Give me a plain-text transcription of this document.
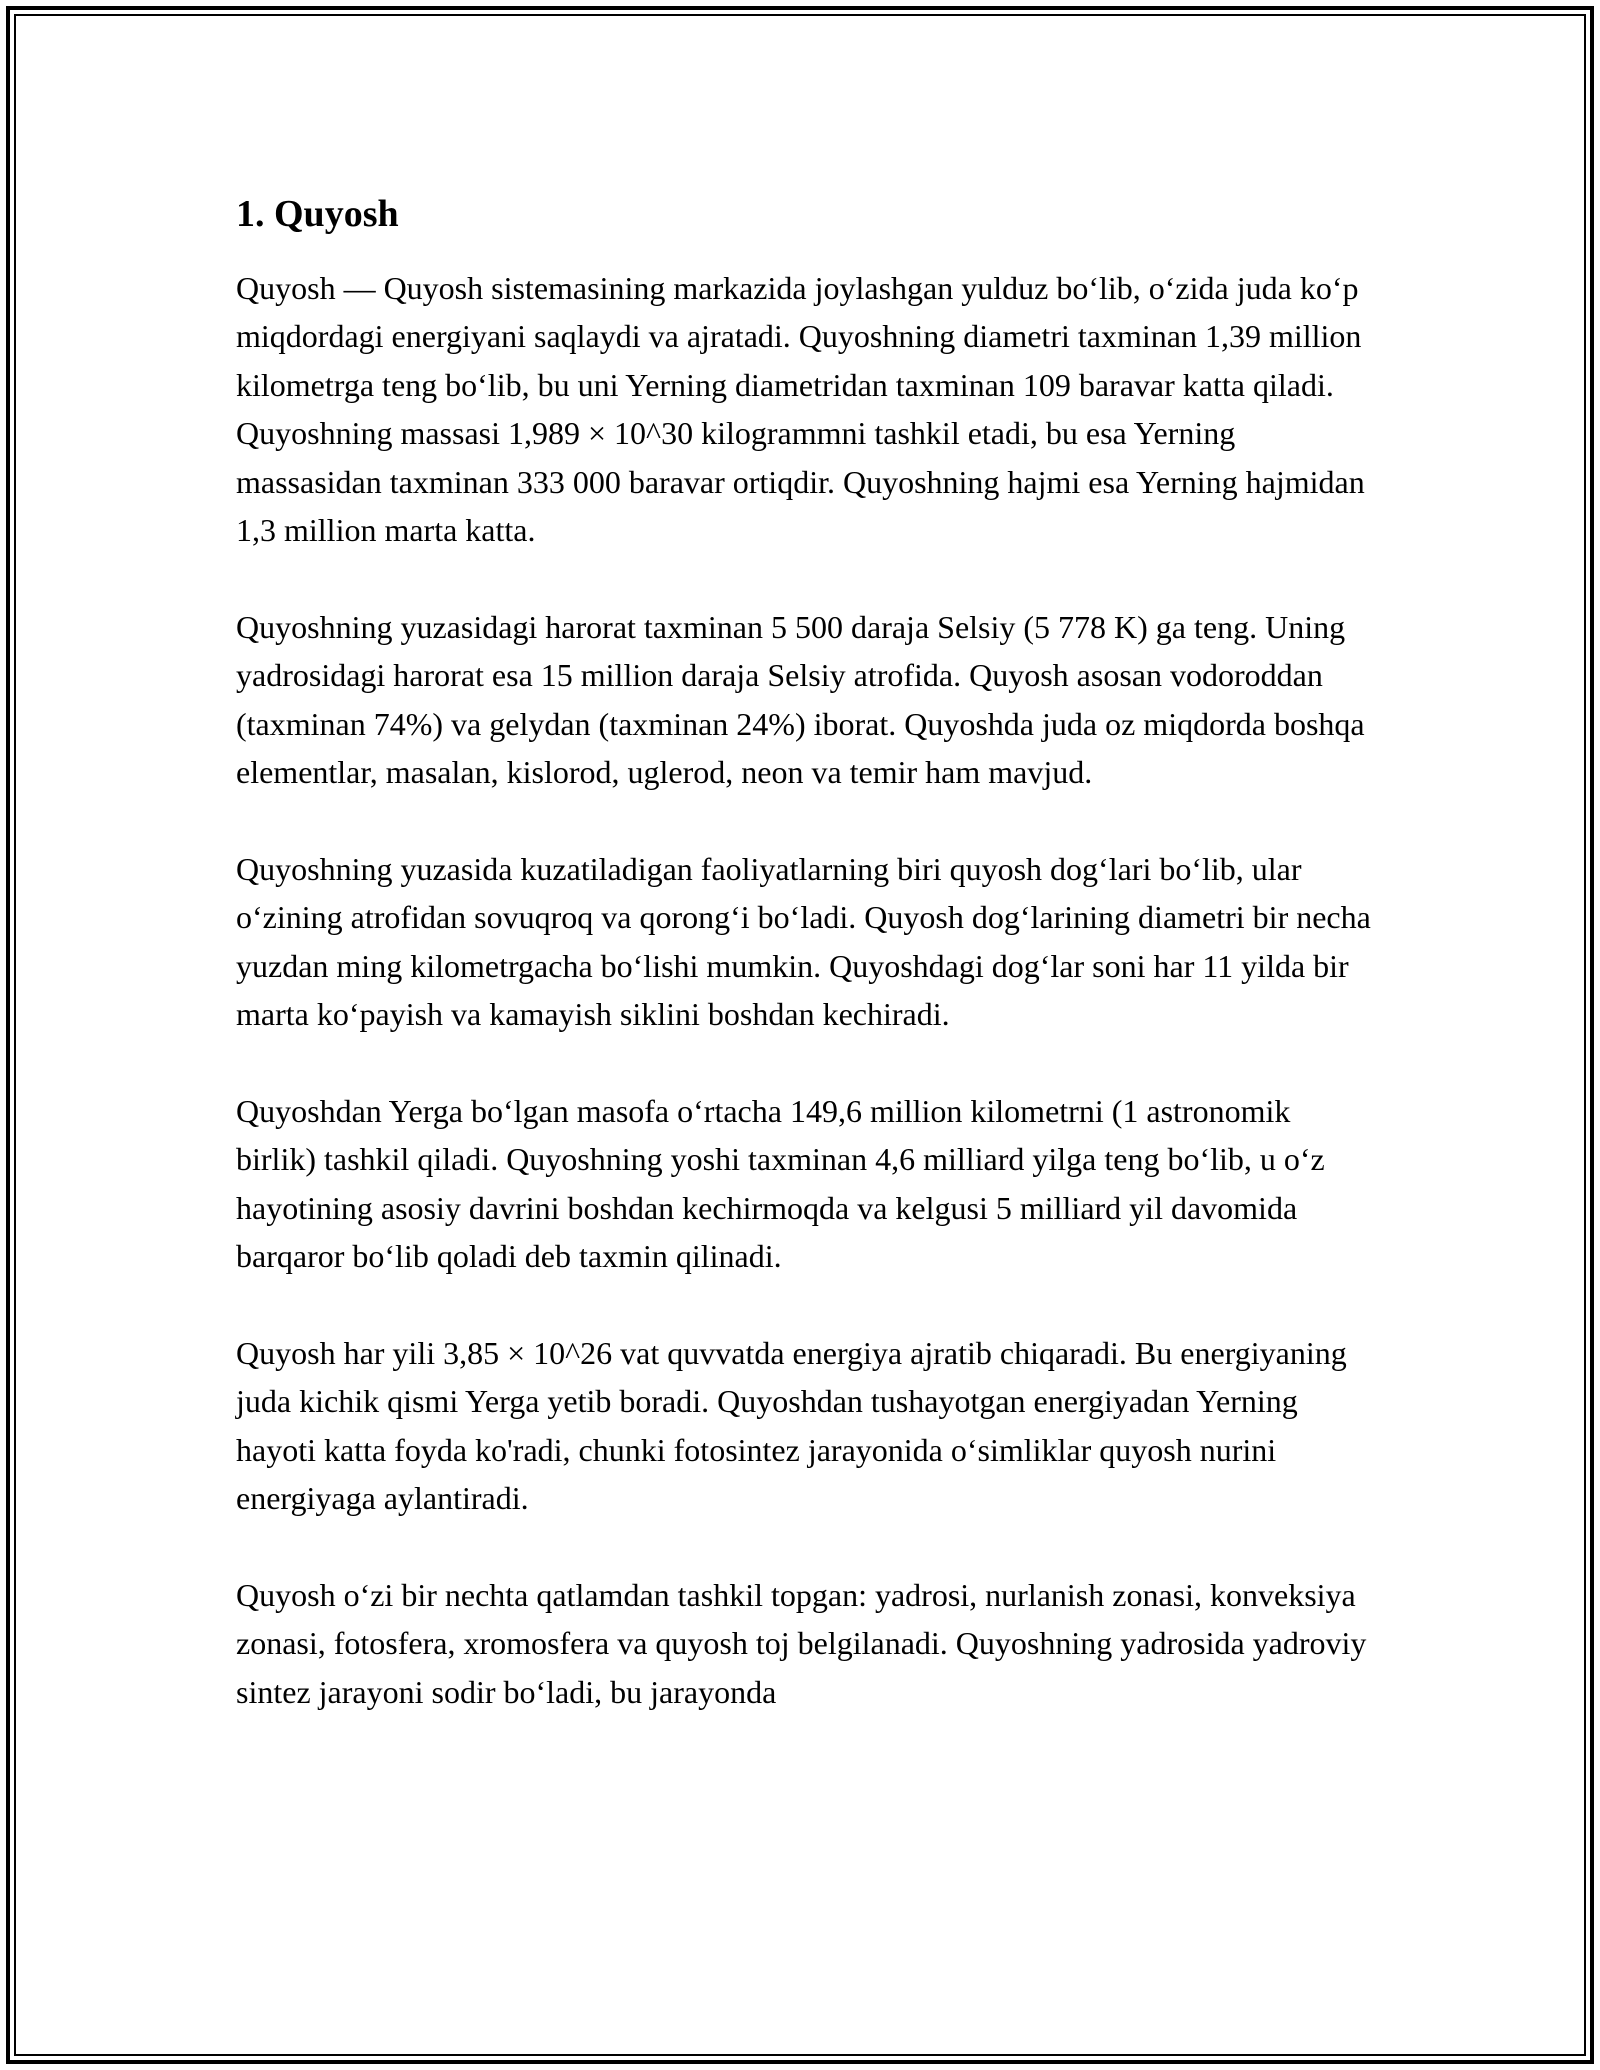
1. Quyosh

Quyosh — Quyosh sistemasining markazida joylashgan yulduz bo‘lib, o‘zida juda ko‘p miqdordagi energiyani saqlaydi va ajratadi. Quyoshning diametri taxminan 1,39 million kilometrga teng bo‘lib, bu uni Yerning diametridan taxminan 109 baravar katta qiladi. Quyoshning massasi 1,989 × 10^30 kilogrammni tashkil etadi, bu esa Yerning massasidan taxminan 333 000 baravar ortiqdir. Quyoshning hajmi esa Yerning hajmidan 1,3 million marta katta.

Quyoshning yuzasidagi harorat taxminan 5 500 daraja Selsiy (5 778 K) ga teng. Uning yadrosidagi harorat esa 15 million daraja Selsiy atrofida. Quyosh asosan vodoroddan (taxminan 74%) va gelydan (taxminan 24%) iborat. Quyoshda juda oz miqdorda boshqa elementlar, masalan, kislorod, uglerod, neon va temir ham mavjud.

Quyoshning yuzasida kuzatiladigan faoliyatlarning biri quyosh dog‘lari bo‘lib, ular o‘zining atrofidan sovuqroq va qorong‘i bo‘ladi. Quyosh dog‘larining diametri bir necha yuzdan ming kilometrgacha bo‘lishi mumkin. Quyoshdagi dog‘lar soni har 11 yilda bir marta ko‘payish va kamayish siklini boshdan kechiradi.

Quyoshdan Yerga bo‘lgan masofa o‘rtacha 149,6 million kilometrni (1 astronomik birlik) tashkil qiladi. Quyoshning yoshi taxminan 4,6 milliard yilga teng bo‘lib, u o‘z hayotining asosiy davrini boshdan kechirmoqda va kelgusi 5 milliard yil davomida barqaror bo‘lib qoladi deb taxmin qilinadi.

Quyosh har yili 3,85 × 10^26 vat quvvatda energiya ajratib chiqaradi. Bu energiyaning juda kichik qismi Yerga yetib boradi. Quyoshdan tushayotgan energiyadan Yerning hayoti katta foyda ko'radi, chunki fotosintez jarayonida o‘simliklar quyosh nurini energiyaga aylantiradi.

Quyosh o‘zi bir nechta qatlamdan tashkil topgan: yadrosi, nurlanish zonasi, konveksiya zonasi, fotosfera, xromosfera va quyosh toj belgilanadi. Quyoshning yadrosida yadroviy sintez jarayoni sodir bo‘ladi, bu jarayonda
